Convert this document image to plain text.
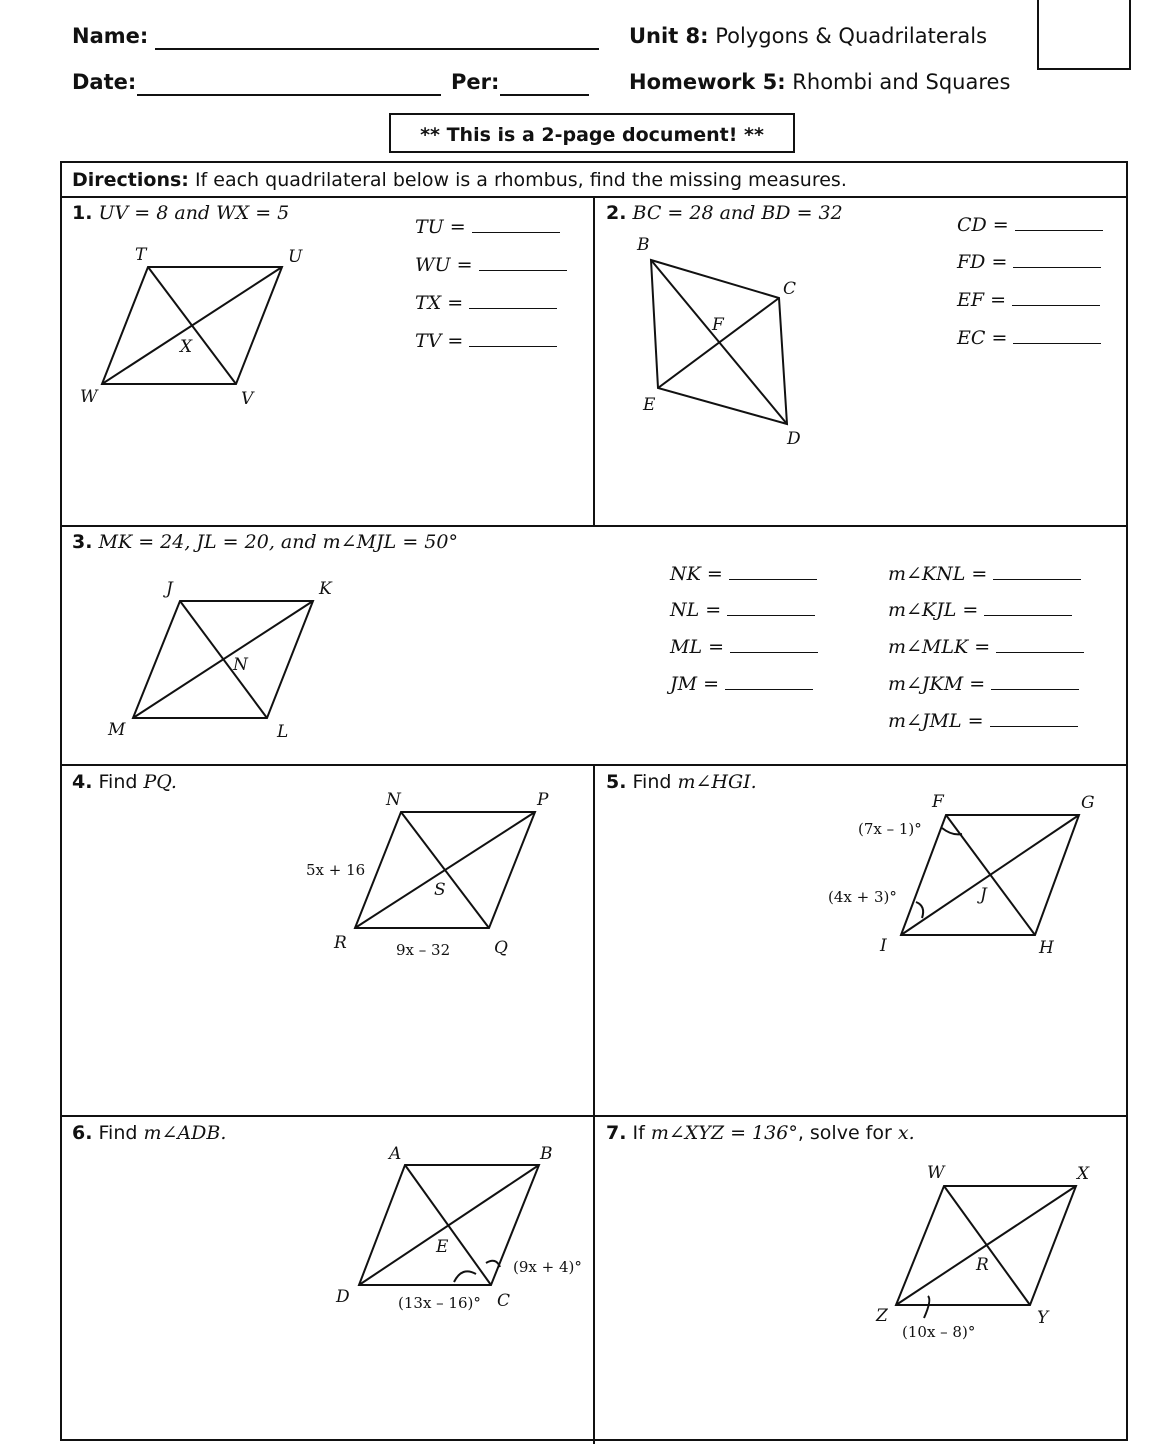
Name:
Date:	Per:
Unit 8: Polygons & Quadrilaterals
Homework 5: Rhombi and Squares
** This is a 2-page document! **
Directions: If each quadrilateral below is a rhombus, find the missing measures.
1. UV = 8 and WX = 5
TU =
WU =
TX =
TV =
2. BC = 28 and BD = 32
CD =
FD =
EF =
EC =
3. MK = 24, JL = 20, and m∠MJL = 50°
NK =
NL =
ML =
JM =
m∠KNL =
m∠KJL =
m∠MLK =
m∠JKM =
m∠JML =
4. Find PQ.	5. Find m∠HGI.
6. Find m∠ADB.	7. If m∠XYZ = 136°, solve for x.
T	U
V
W
X
B
C
D
E
F
J	K
L
M
N
N	P
Q
R
S
5x + 16
9x – 32
F	G
H
I
J
(7x – 1)°
(4x + 3)°
A	B
C
D
E
(9x + 4)°
(13x – 16)°
W	X
Y
Z
R
(10x – 8)°
